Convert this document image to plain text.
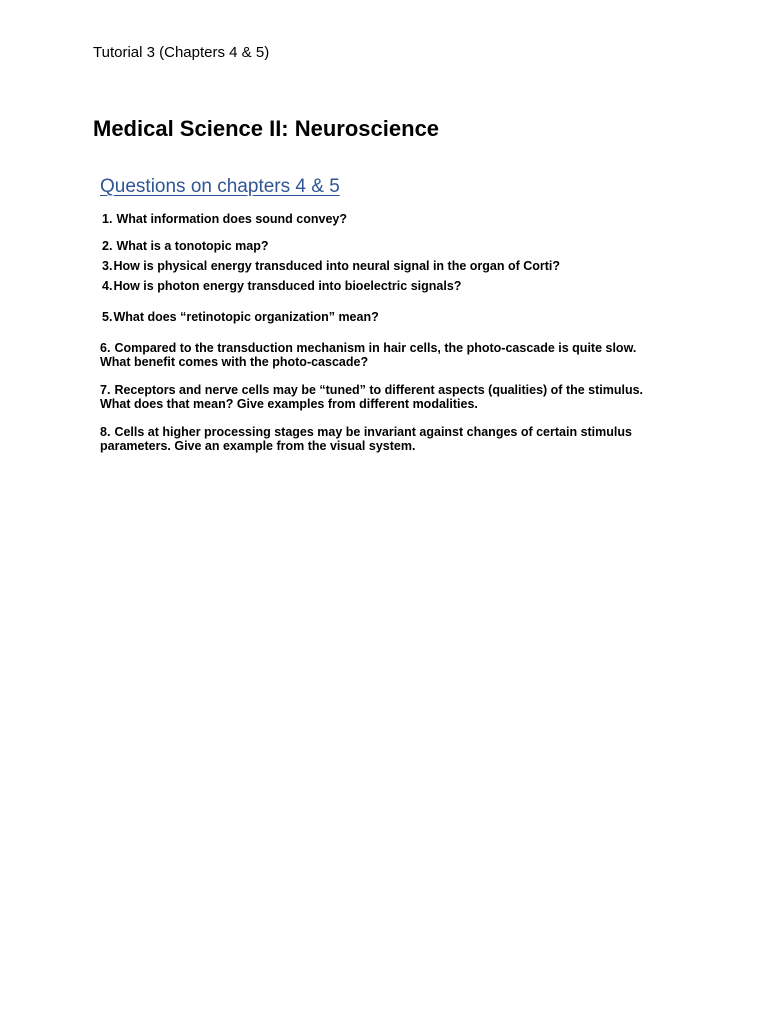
Tutorial 3 (Chapters 4 & 5)
Medical Science II: Neuroscience
Questions on chapters 4 & 5
1. What information does sound convey?
2. What is a tonotopic map?
3.How is physical energy transduced into neural signal in the organ of Corti?
4.How is photon energy transduced into bioelectric signals?
5.What does “retinotopic organization” mean?
6. Compared to the transduction mechanism in hair cells, the photo-cascade is quite slow.
What benefit comes with the photo-cascade?
7. Receptors and nerve cells may be “tuned” to different aspects (qualities) of the stimulus.
What does that mean? Give examples from different modalities.
8. Cells at higher processing stages may be invariant against changes of certain stimulus
parameters. Give an example from the visual system.
